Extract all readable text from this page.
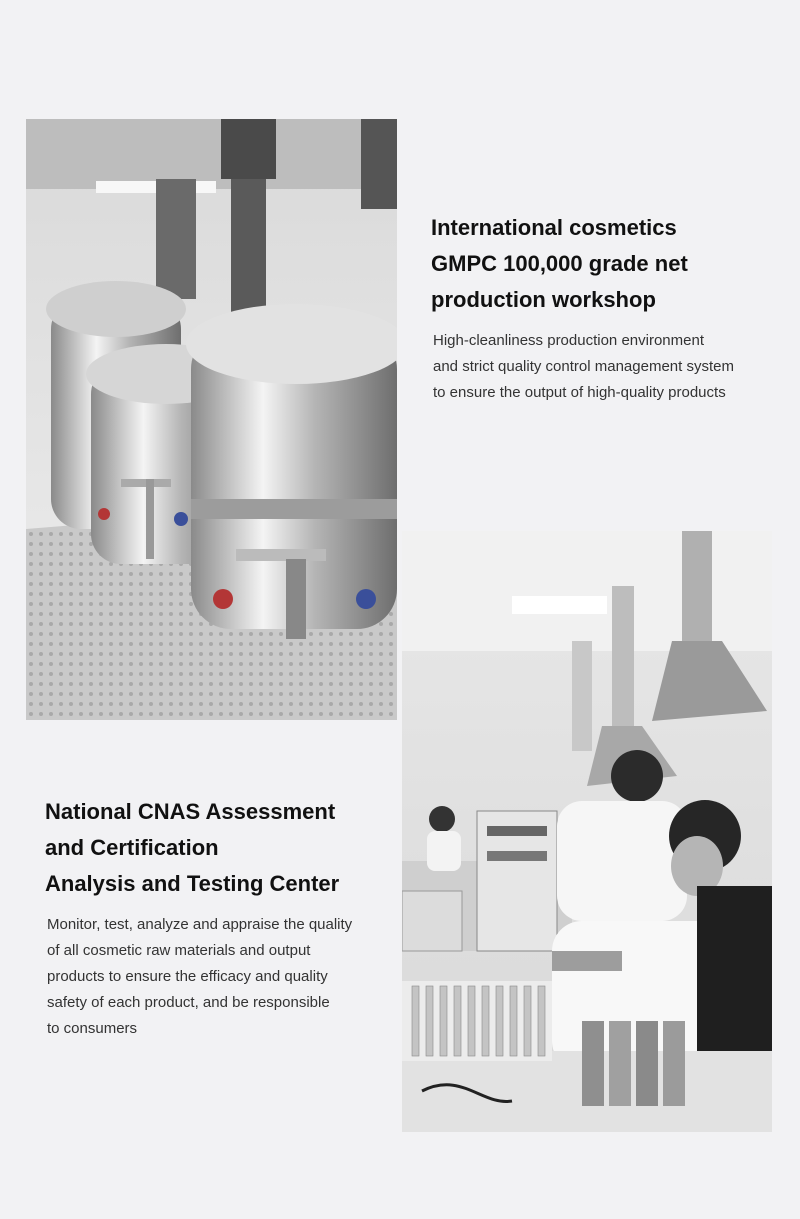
International cosmetics
GMPC 100,000 grade net
production workshop

High-cleanliness production environment
and strict quality control management system
to ensure the output of high-quality products

National CNAS Assessment
and Certification
Analysis and Testing Center

Monitor, test, analyze and appraise the quality
of all cosmetic raw materials and output
products to ensure the efficacy and quality
safety of each product, and be responsible
to consumers
